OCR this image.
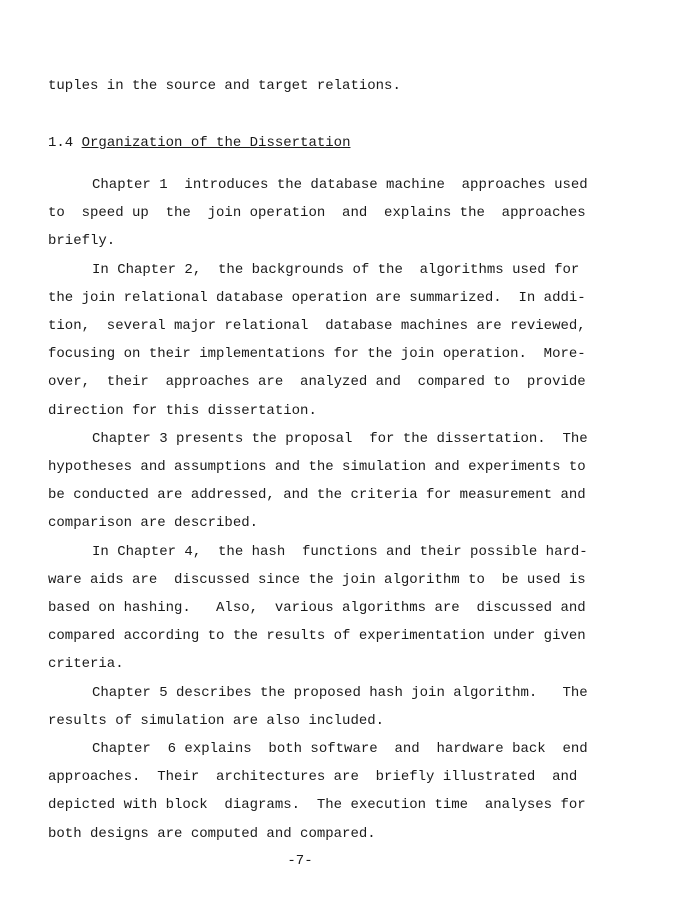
tuples in the source and target relations.
1.4 Organization of the Dissertation
Chapter 1  introduces the database machine  approaches used
to  speed up  the  join operation  and  explains the  approaches
briefly.
In Chapter 2,  the backgrounds of the  algorithms used for
the join relational database operation are summarized.  In addi-
tion,  several major relational  database machines are reviewed,
focusing on their implementations for the join operation.  More-
over,  their  approaches are  analyzed and  compared to  provide
direction for this dissertation.
Chapter 3 presents the proposal  for the dissertation.  The
hypotheses and assumptions and the simulation and experiments to
be conducted are addressed, and the criteria for measurement and
comparison are described.
In Chapter 4,  the hash  functions and their possible hard-
ware aids are  discussed since the join algorithm to  be used is
based on hashing.   Also,  various algorithms are  discussed and
compared according to the results of experimentation under given
criteria.
Chapter 5 describes the proposed hash join algorithm.   The
results of simulation are also included.
Chapter  6 explains  both software  and  hardware back  end
approaches.  Their  architectures are  briefly illustrated  and
depicted with block  diagrams.  The execution time  analyses for
both designs are computed and compared.
-7-
